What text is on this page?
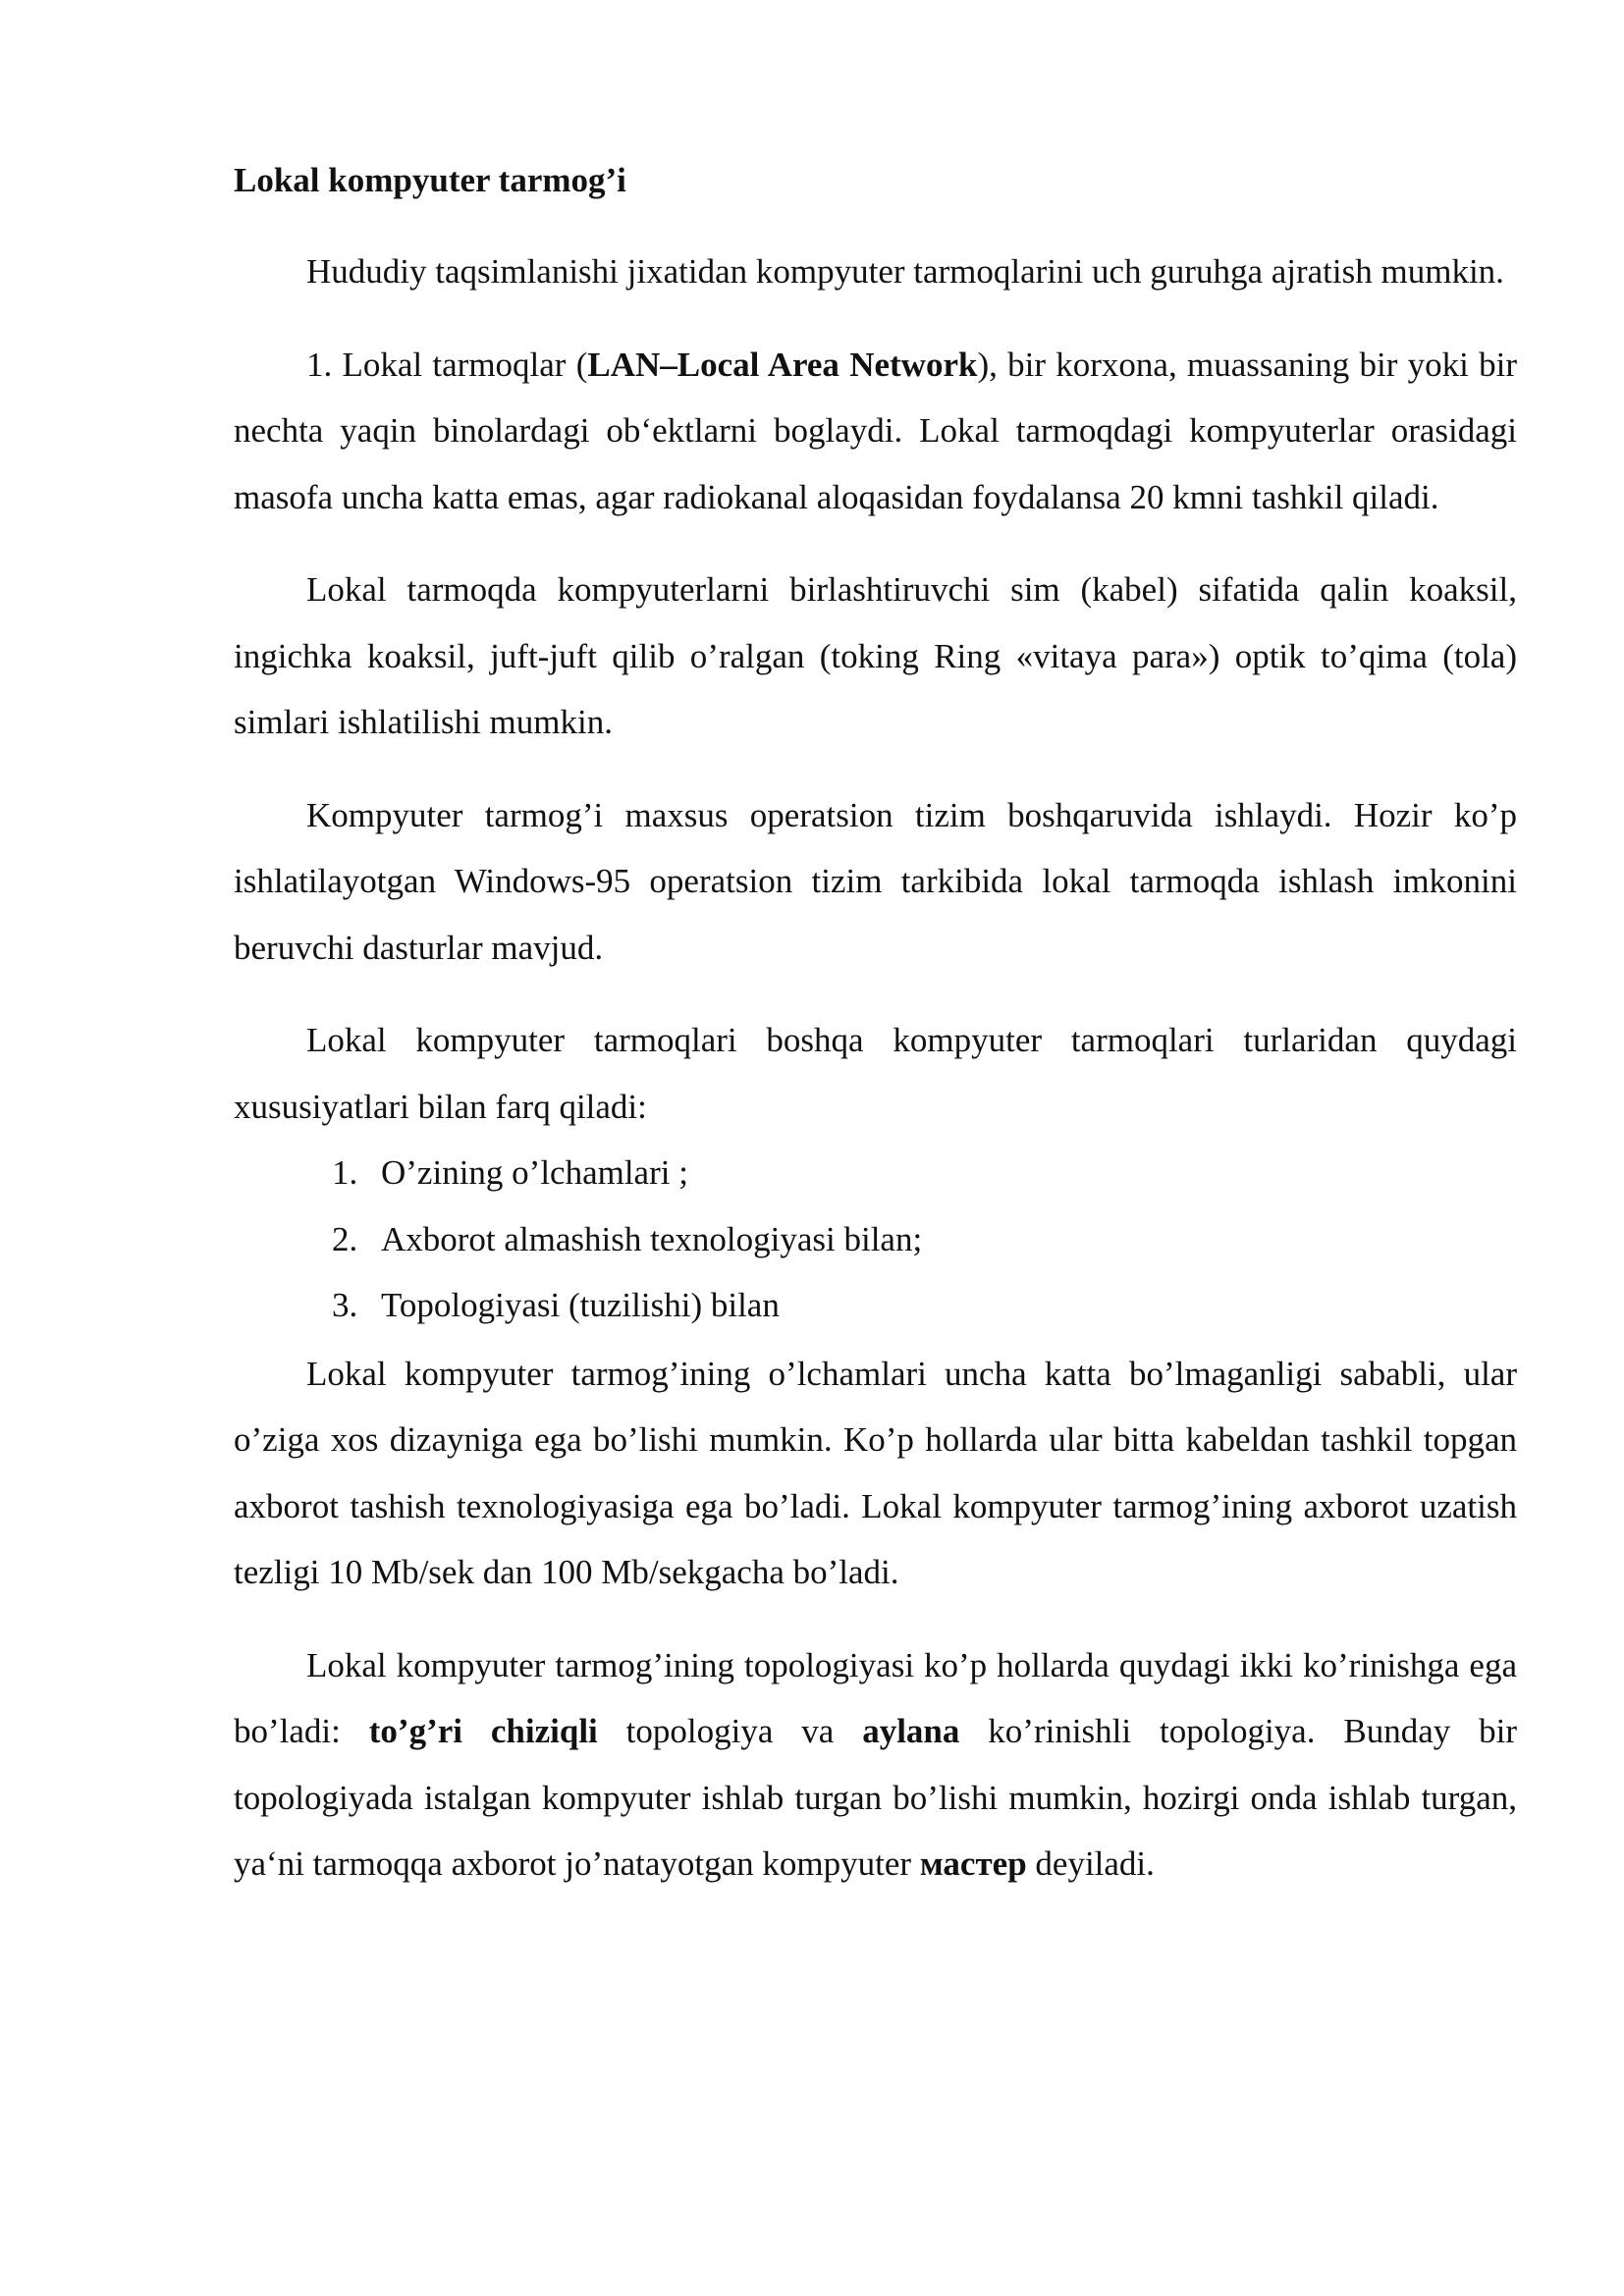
Lokal kompyuter tarmog’i

Hududiy taqsimlanishi jixatidan kompyuter tarmoqlarini uch guruhga ajratish mumkin.

1. Lokal tarmoqlar (LAN–Local Area Network), bir korxona, muassaning bir yoki bir nechta yaqin binolardagi ob‘ektlarni boglaydi. Lokal tarmoqdagi kompyuterlar orasidagi masofa uncha katta emas, agar radiokanal aloqasidan foydalansa 20 kmni tashkil qiladi.

Lokal tarmoqda kompyuterlarni birlashtiruvchi sim (kabel) sifatida qalin koaksil, ingichka koaksil, juft-juft qilib o’ralgan (toking Ring «vitaya para») optik to’qima (tola) simlari ishlatilishi mumkin.

Kompyuter tarmog’i maxsus operatsion tizim boshqaruvida ishlaydi. Hozir ko’p ishlatilayotgan Windows-95 operatsion tizim tarkibida lokal tarmoqda ishlash imkonini beruvchi dasturlar mavjud.

Lokal kompyuter tarmoqlari boshqa kompyuter tarmoqlari turlaridan quydagi xususiyatlari bilan farq qiladi:

1. O’zining o’lchamlari ;
2. Axborot almashish texnologiyasi bilan;
3. Topologiyasi (tuzilishi) bilan

Lokal kompyuter tarmog’ining o’lchamlari uncha katta bo’lmaganligi sababli, ular o’ziga xos dizayniga ega bo’lishi mumkin. Ko’p hollarda ular bitta kabeldan tashkil topgan axborot tashish texnologiyasiga ega bo’ladi. Lokal kompyuter tarmog’ining axborot uzatish tezligi 10 Mb/sek dan 100 Mb/sekgacha bo’ladi.

Lokal kompyuter tarmog’ining topologiyasi ko’p hollarda quydagi ikki ko’rinishga ega bo’ladi: to’g’ri chiziqli topologiya va aylana ko’rinishli topologiya. Bunday bir topologiyada istalgan kompyuter ishlab turgan bo’lishi mumkin, hozirgi onda ishlab turgan, ya‘ni tarmoqqa axborot jo’natayotgan kompyuter мастер deyiladi.
